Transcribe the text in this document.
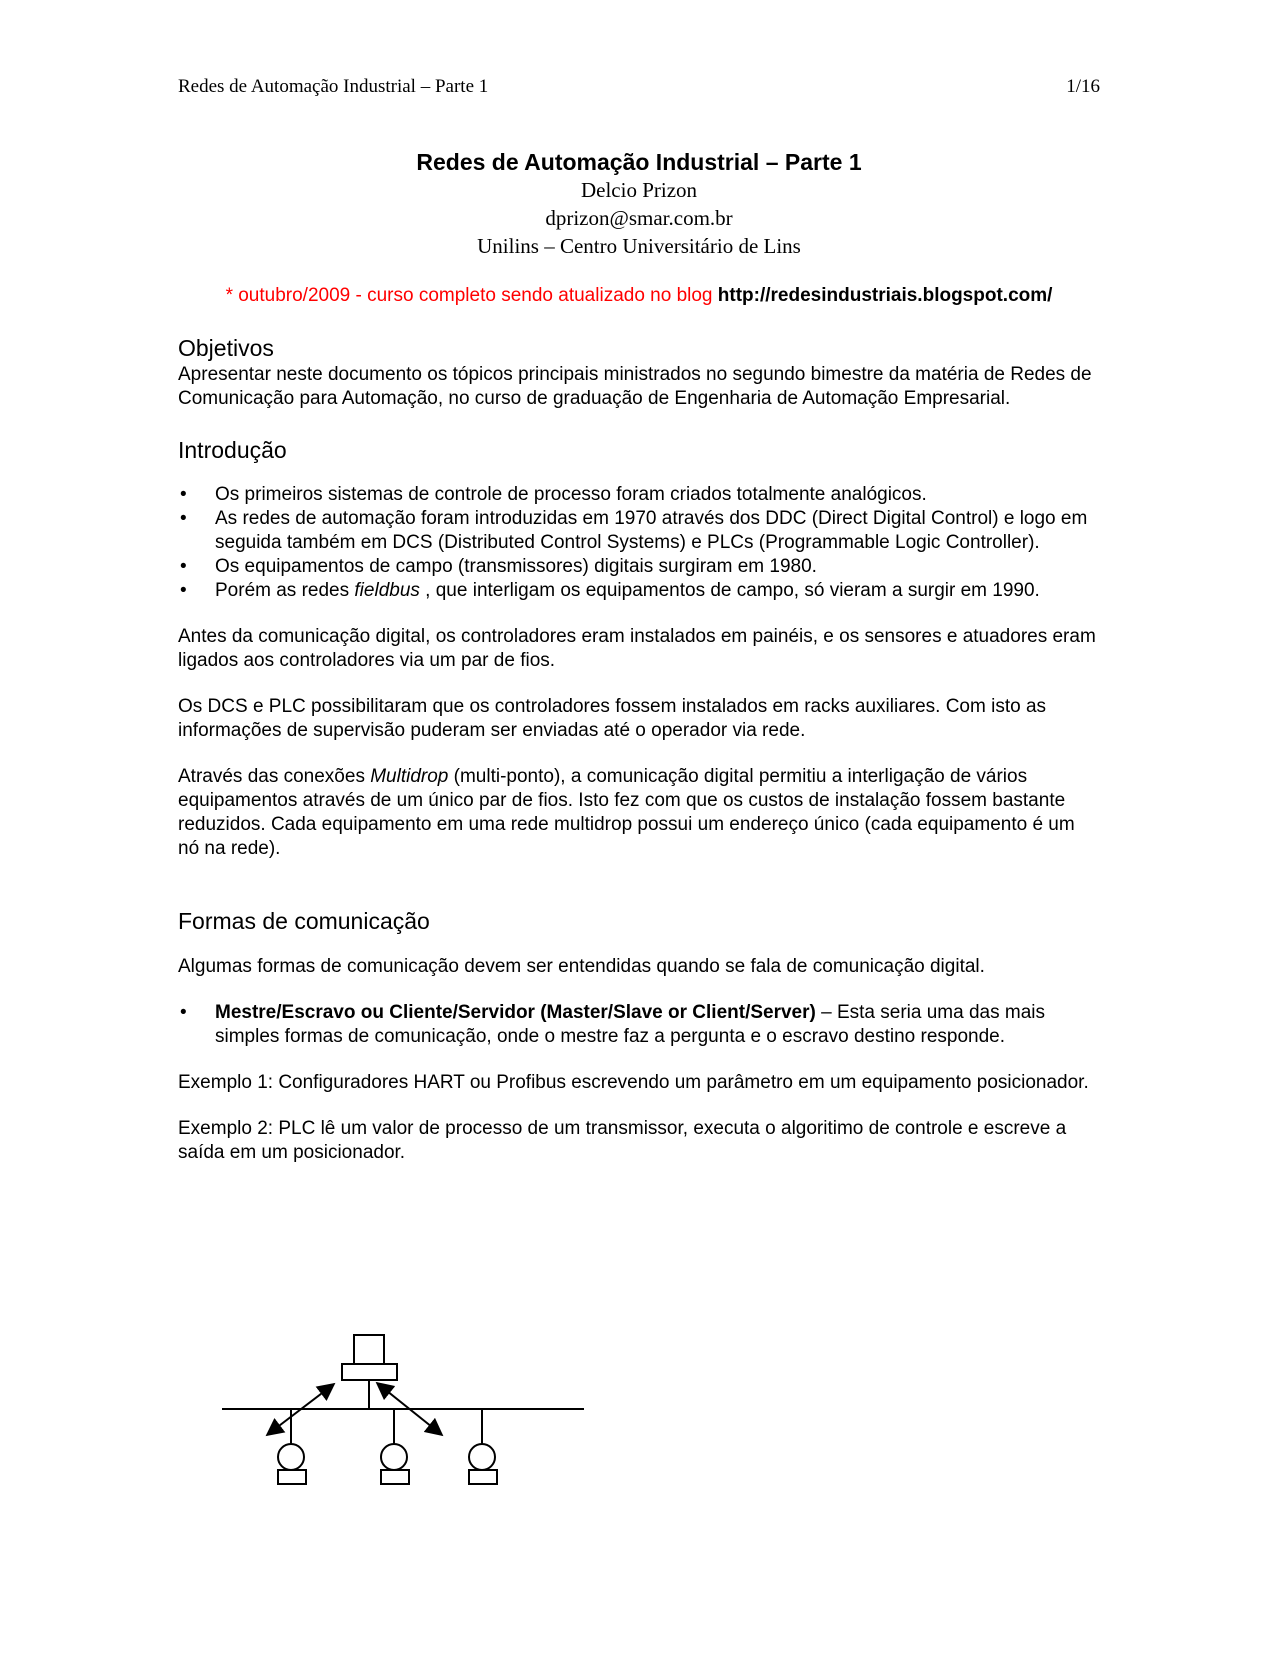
Redes de Automação Industrial – Parte 1	1/16
Redes de Automação Industrial – Parte 1
Delcio Prizon
dprizon@smar.com.br
Unilins – Centro Universitário de Lins
* outubro/2009 - curso completo sendo atualizado no blog http://redesindustriais.blogspot.com/
Objetivos

Apresentar neste documento os tópicos principais ministrados no segundo bimestre da matéria de Redes de Comunicação para Automação, no curso de graduação de Engenharia de Automação Empresarial.

Introdução
• Os primeiros sistemas de controle de processo foram criados totalmente analógicos.
• As redes de automação foram introduzidas em 1970 através dos DDC (Direct Digital Control) e logo em seguida também em DCS (Distributed Control Systems) e PLCs (Programmable Logic Controller).
• Os equipamentos de campo (transmissores) digitais surgiram em 1980.
• Porém as redes fieldbus , que interligam os equipamentos de campo, só vieram a surgir em 1990.

Antes da comunicação digital, os controladores eram instalados em painéis, e os sensores e atuadores eram ligados aos controladores via um par de fios.

Os DCS e PLC possibilitaram que os controladores fossem instalados em racks auxiliares. Com isto as informações de supervisão puderam ser enviadas até o operador via rede.

Através das conexões Multidrop (multi-ponto), a comunicação digital permitiu a interligação de vários equipamentos através de um único par de fios. Isto fez com que os custos de instalação fossem bastante reduzidos. Cada equipamento em uma rede multidrop possui um endereço único (cada equipamento é um nó na rede).

Formas de comunicação

Algumas formas de comunicação devem ser entendidas quando se fala de comunicação digital.

• Mestre/Escravo ou Cliente/Servidor (Master/Slave or Client/Server) – Esta seria uma das mais simples formas de comunicação, onde o mestre faz a pergunta e o escravo destino responde.

Exemplo 1: Configuradores HART ou Profibus escrevendo um parâmetro em um equipamento posicionador.

Exemplo 2: PLC lê um valor de processo de um transmissor, executa o algoritimo de controle e escreve a saída em um posicionador.
